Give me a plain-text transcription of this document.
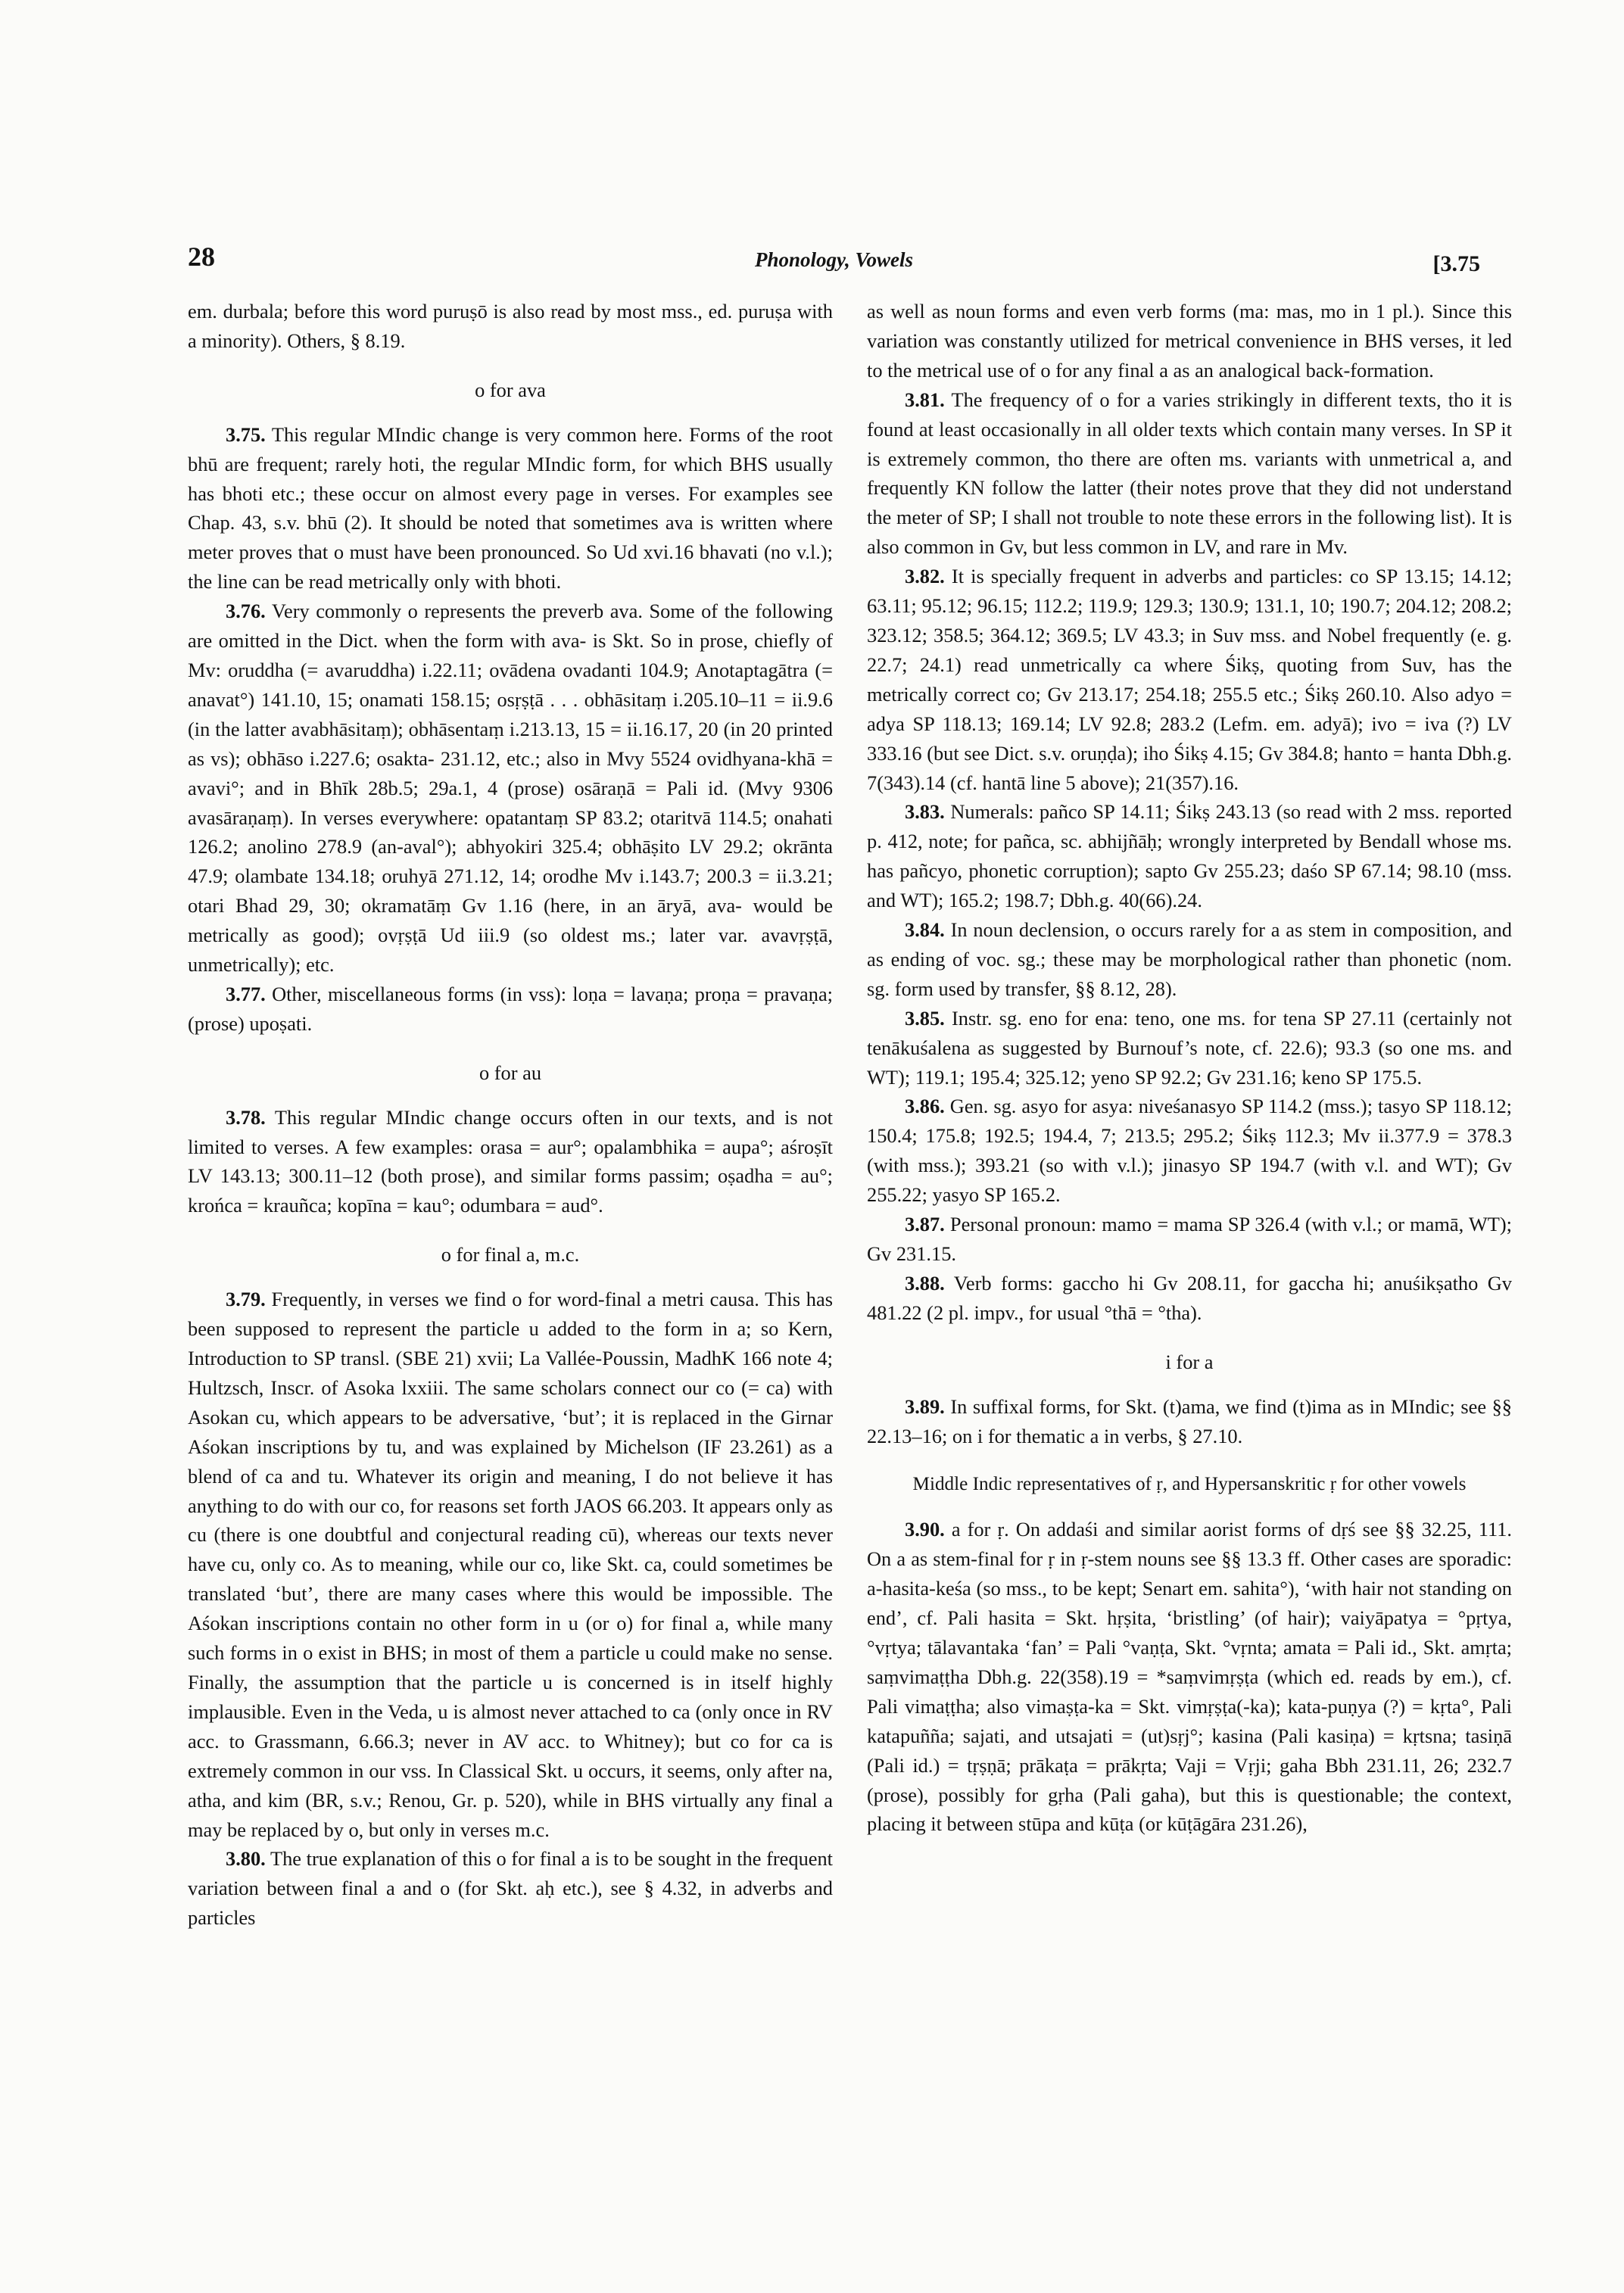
28	Phonology, Vowels	[3.75

em. durbala; before this word puruṣō is also read by most mss., ed. puruṣa with a minority). Others, § 8.19.

o for ava

3.75. This regular MIndic change is very common here. Forms of the root bhū are frequent; rarely hoti, the regular MIndic form, for which BHS usually has bhoti etc.; these occur on almost every page in verses. For examples see Chap. 43, s.v. bhū (2). It should be noted that sometimes ava is written where meter proves that o must have been pronounced. So Ud xvi.16 bhavati (no v.l.); the line can be read metrically only with bhoti.

3.76. Very commonly o represents the preverb ava. Some of the following are omitted in the Dict. when the form with ava- is Skt. So in prose, chiefly of Mv: oruddha (= avaruddha) i.22.11; ovādena ovadanti 104.9; Anotaptagātra (= anavat°) 141.10, 15; onamati 158.15; osṛṣṭā . . . obhāsitaṃ i.205.10–11 = ii.9.6 (in the latter avabhāsitaṃ); obhāsentaṃ i.213.13, 15 = ii.16.17, 20 (in 20 printed as vs); obhāso i.227.6; osakta- 231.12, etc.; also in Mvy 5524 ovidhyana-khā = avavi°; and in Bhīk 28b.5; 29a.1, 4 (prose) osāraṇā = Pali id. (Mvy 9306 avasāraṇaṃ). In verses everywhere: opatantaṃ SP 83.2; otaritvā 114.5; onahati 126.2; anolino 278.9 (an-aval°); abhyokiri 325.4; obhāṣito LV 29.2; okrānta 47.9; olambate 134.18; oruhyā 271.12, 14; orodhe Mv i.143.7; 200.3 = ii.3.21; otari Bhad 29, 30; okramatāṃ Gv 1.16 (here, in an āryā, ava- would be metrically as good); ovṛṣṭā Ud iii.9 (so oldest ms.; later var. avavṛṣṭā, unmetrically); etc.

3.77. Other, miscellaneous forms (in vss): loṇa = lavaṇa; proṇa = pravaṇa; (prose) upoṣati.

o for au

3.78. This regular MIndic change occurs often in our texts, and is not limited to verses. A few examples: orasa = aur°; opalambhika = aupa°; aśroṣīt LV 143.13; 300.11–12 (both prose), and similar forms passim; oṣadha = au°; krońca = krauñca; kopīna = kau°; odumbara = aud°.

o for final a, m.c.

3.79. Frequently, in verses we find o for word-final a metri causa. This has been supposed to represent the particle u added to the form in a; so Kern, Introduction to SP transl. (SBE 21) xvii; La Vallée-Poussin, MadhK 166 note 4; Hultzsch, Inscr. of Asoka lxxiii. The same scholars connect our co (= ca) with Asokan cu, which appears to be adversative, ‘but’; it is replaced in the Girnar Aśokan inscriptions by tu, and was explained by Michelson (IF 23.261) as a blend of ca and tu. Whatever its origin and meaning, I do not believe it has anything to do with our co, for reasons set forth JAOS 66.203. It appears only as cu (there is one doubtful and conjectural reading cū), whereas our texts never have cu, only co. As to meaning, while our co, like Skt. ca, could sometimes be translated ‘but’, there are many cases where this would be impossible. The Aśokan inscriptions contain no other form in u (or o) for final a, while many such forms in o exist in BHS; in most of them a particle u could make no sense. Finally, the assumption that the particle u is concerned is in itself highly implausible. Even in the Veda, u is almost never attached to ca (only once in RV acc. to Grassmann, 6.66.3; never in AV acc. to Whitney); but co for ca is extremely common in our vss. In Classical Skt. u occurs, it seems, only after na, atha, and kim (BR, s.v.; Renou, Gr. p. 520), while in BHS virtually any final a may be replaced by o, but only in verses m.c.

3.80. The true explanation of this o for final a is to be sought in the frequent variation between final a and o (for Skt. aḥ etc.), see § 4.32, in adverbs and particles

as well as noun forms and even verb forms (ma: mas, mo in 1 pl.). Since this variation was constantly utilized for metrical convenience in BHS verses, it led to the metrical use of o for any final a as an analogical back-formation.

3.81. The frequency of o for a varies strikingly in different texts, tho it is found at least occasionally in all older texts which contain many verses. In SP it is extremely common, tho there are often ms. variants with unmetrical a, and frequently KN follow the latter (their notes prove that they did not understand the meter of SP; I shall not trouble to note these errors in the following list). It is also common in Gv, but less common in LV, and rare in Mv.

3.82. It is specially frequent in adverbs and particles: co SP 13.15; 14.12; 63.11; 95.12; 96.15; 112.2; 119.9; 129.3; 130.9; 131.1, 10; 190.7; 204.12; 208.2; 323.12; 358.5; 364.12; 369.5; LV 43.3; in Suv mss. and Nobel frequently (e. g. 22.7; 24.1) read unmetrically ca where Śikṣ, quoting from Suv, has the metrically correct co; Gv 213.17; 254.18; 255.5 etc.; Śikṣ 260.10. Also adyo = adya SP 118.13; 169.14; LV 92.8; 283.2 (Lefm. em. adyā); ivo = iva (?) LV 333.16 (but see Dict. s.v. oruṇḍa); iho Śikṣ 4.15; Gv 384.8; hanto = hanta Dbh.g. 7(343).14 (cf. hantā line 5 above); 21(357).16.

3.83. Numerals: pañco SP 14.11; Śikṣ 243.13 (so read with 2 mss. reported p. 412, note; for pañca, sc. abhijñāḥ; wrongly interpreted by Bendall whose ms. has pañcyo, phonetic corruption); sapto Gv 255.23; daśo SP 67.14; 98.10 (mss. and WT); 165.2; 198.7; Dbh.g. 40(66).24.

3.84. In noun declension, o occurs rarely for a as stem in composition, and as ending of voc. sg.; these may be morphological rather than phonetic (nom. sg. form used by transfer, §§ 8.12, 28).

3.85. Instr. sg. eno for ena: teno, one ms. for tena SP 27.11 (certainly not tenākuśalena as suggested by Burnouf’s note, cf. 22.6); 93.3 (so one ms. and WT); 119.1; 195.4; 325.12; yeno SP 92.2; Gv 231.16; keno SP 175.5.

3.86. Gen. sg. asyo for asya: niveśanasyo SP 114.2 (mss.); tasyo SP 118.12; 150.4; 175.8; 192.5; 194.4, 7; 213.5; 295.2; Śikṣ 112.3; Mv ii.377.9 = 378.3 (with mss.); 393.21 (so with v.l.); jinasyo SP 194.7 (with v.l. and WT); Gv 255.22; yasyo SP 165.2.

3.87. Personal pronoun: mamo = mama SP 326.4 (with v.l.; or mamā, WT); Gv 231.15.

3.88. Verb forms: gaccho hi Gv 208.11, for gaccha hi; anuśikṣatho Gv 481.22 (2 pl. impv., for usual °thā = °tha).

i for a

3.89. In suffixal forms, for Skt. (t)ama, we find (t)ima as in MIndic; see §§ 22.13–16; on i for thematic a in verbs, § 27.10.

Middle Indic representatives of ṛ, and Hypersanskritic ṛ for other vowels

3.90. a for ṛ. On addaśi and similar aorist forms of dṛś see §§ 32.25, 111. On a as stem-final for ṛ in ṛ-stem nouns see §§ 13.3 ff. Other cases are sporadic: a-hasita-keśa (so mss., to be kept; Senart em. sahita°), ‘with hair not standing on end’, cf. Pali hasita = Skt. hṛṣita, ‘bristling’ (of hair); vaiyāpatya = °pṛtya, °vṛtya; tālavantaka ‘fan’ = Pali °vaṇṭa, Skt. °vṛnta; amata = Pali id., Skt. amṛta; saṃvimaṭṭha Dbh.g. 22(358).19 = *saṃvimṛṣṭa (which ed. reads by em.), cf. Pali vimaṭṭha; also vimaṣṭa-ka = Skt. vimṛṣṭa(-ka); kata-puṇya (?) = kṛta°, Pali katapuñña; sajati, and utsajati = (ut)sṛj°; kasina (Pali kasiṇa) = kṛtsna; tasiṇā (Pali id.) = tṛṣṇā; prākaṭa = prākṛta; Vaji = Vṛji; gaha Bbh 231.11, 26; 232.7 (prose), possibly for gṛha (Pali gaha), but this is questionable; the context, placing it between stūpa and kūṭa (or kūṭāgāra 231.26),
